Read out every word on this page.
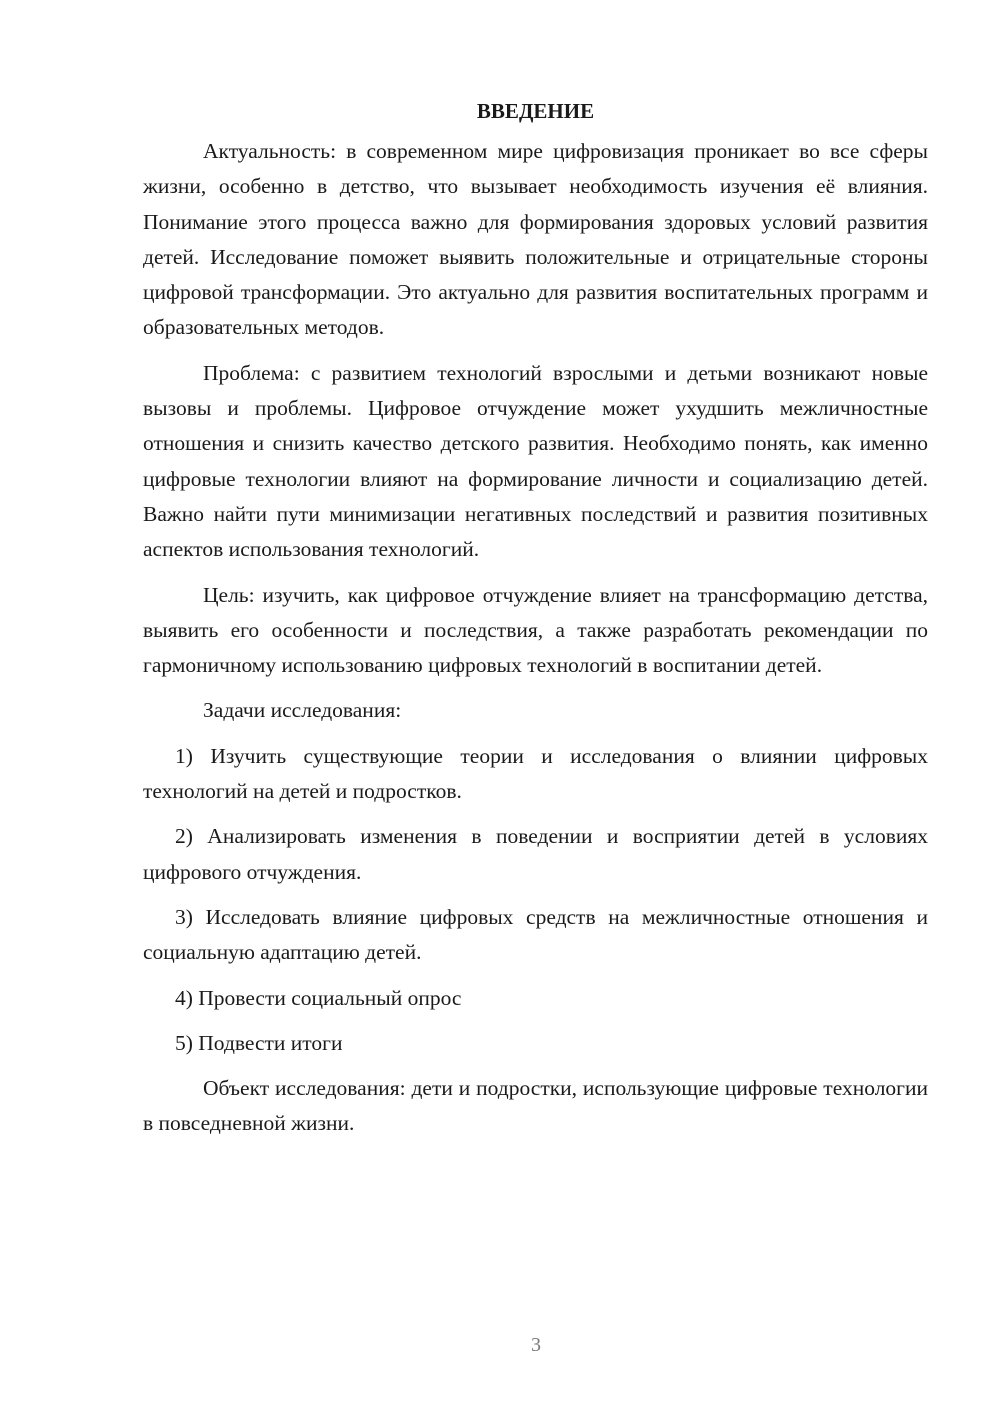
ВВЕДЕНИЕ

Актуальность: в современном мире цифровизация проникает во все сферы жизни, особенно в детство, что вызывает необходимость изучения её влияния. Понимание этого процесса важно для формирования здоровых условий развития детей. Исследование поможет выявить положительные и отрицательные стороны цифровой трансформации. Это актуально для развития воспитательных программ и образовательных методов.

Проблема: с развитием технологий взрослыми и детьми возникают новые вызовы и проблемы. Цифровое отчуждение может ухудшить межличностные отношения и снизить качество детского развития. Необходимо понять, как именно цифровые технологии влияют на формирование личности и социализацию детей. Важно найти пути минимизации негативных последствий и развития позитивных аспектов использования технологий.

Цель: изучить, как цифровое отчуждение влияет на трансформацию детства, выявить его особенности и последствия, а также разработать рекомендации по гармоничному использованию цифровых технологий в воспитании детей.

Задачи исследования:

1) Изучить существующие теории и исследования о влиянии цифровых технологий на детей и подростков.

2) Анализировать изменения в поведении и восприятии детей в условиях цифрового отчуждения.

3) Исследовать влияние цифровых средств на межличностные отношения и социальную адаптацию детей.

4) Провести социальный опрос

5) Подвести итоги

Объект исследования: дети и подростки, использующие цифровые технологии в повседневной жизни.

3
